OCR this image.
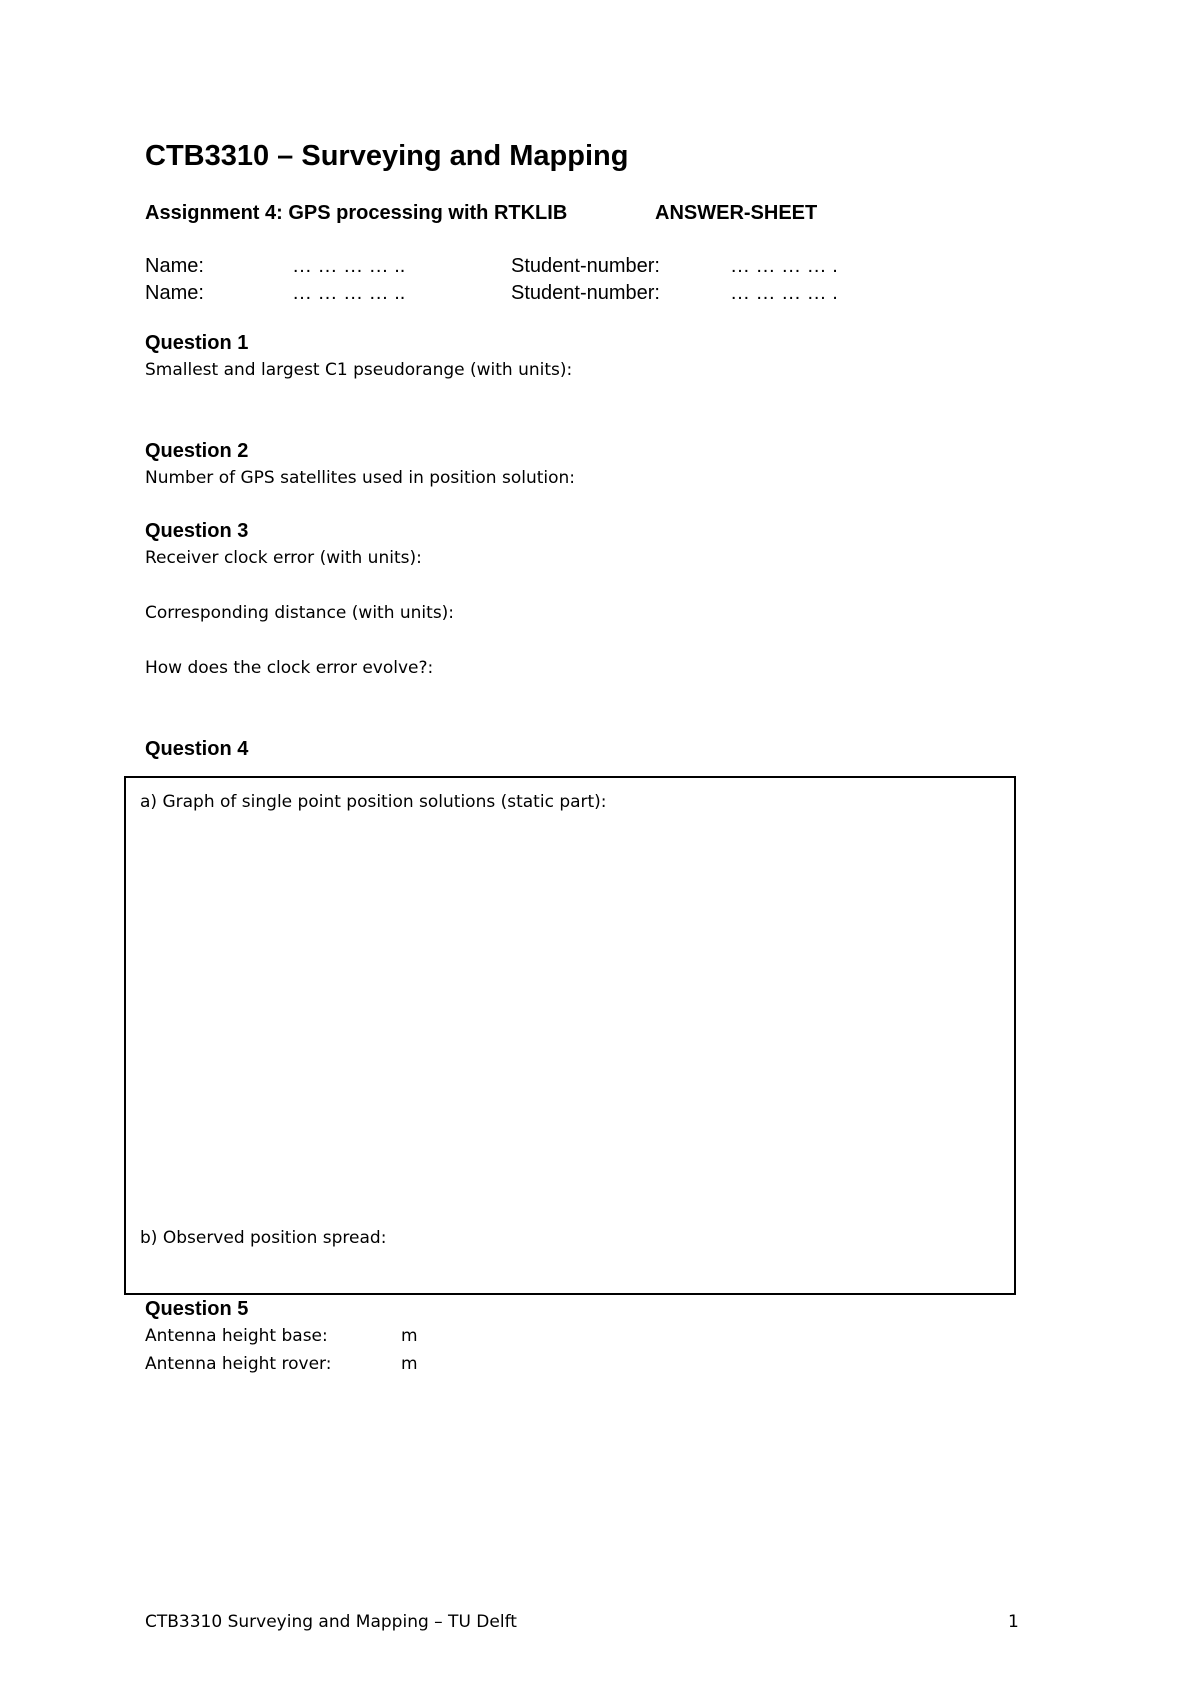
CTB3310 – Surveying and Mapping
Assignment 4: GPS processing with RTKLIB	ANSWER-SHEET
Name:	… … … … ..	Student-number:	… … … … .
Name:	… … … … ..	Student-number:	… … … … .
Question 1
Smallest and largest C1 pseudorange (with units):
Question 2
Number of GPS satellites used in position solution:
Question 3
Receiver clock error (with units):
Corresponding distance (with units):
How does the clock error evolve?:
Question 4
a) Graph of single point position solutions (static part):
b) Observed position spread:
Question 5
Antenna height base:	m
Antenna height rover:	m
CTB3310 Surveying and Mapping – TU Delft	1
